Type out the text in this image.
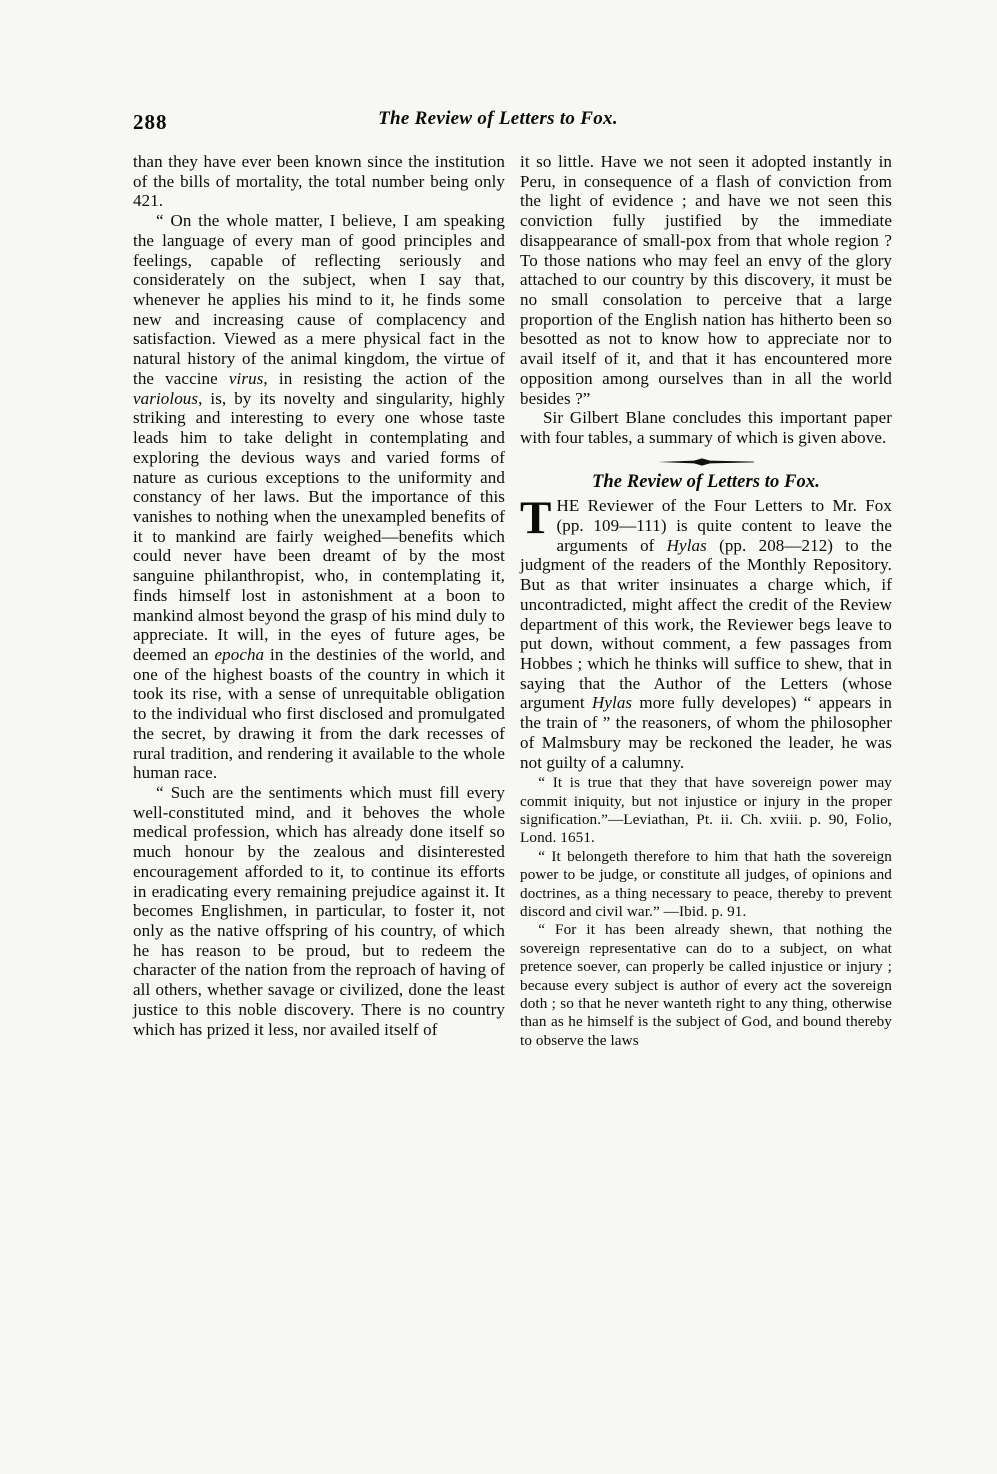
288	The Review of Letters to Fox.

than they have ever been known since the institution of the bills of mortality, the total number being only 421.

“ On the whole matter, I believe, I am speaking the language of every man of good principles and feelings, capable of reflecting seriously and considerately on the subject, when I say that, whenever he applies his mind to it, he finds some new and increasing cause of complacency and satisfaction. Viewed as a mere physical fact in the natural history of the animal kingdom, the virtue of the vaccine virus, in resisting the action of the variolous, is, by its novelty and singularity, highly striking and interesting to every one whose taste leads him to take delight in contemplating and exploring the devious ways and varied forms of nature as curious exceptions to the uniformity and constancy of her laws. But the importance of this vanishes to nothing when the unexampled benefits of it to mankind are fairly weighed—benefits which could never have been dreamt of by the most sanguine philanthropist, who, in contemplating it, finds himself lost in astonishment at a boon to mankind almost beyond the grasp of his mind duly to appreciate. It will, in the eyes of future ages, be deemed an epocha in the destinies of the world, and one of the highest boasts of the country in which it took its rise, with a sense of unrequitable obligation to the individual who first disclosed and promulgated the secret, by drawing it from the dark recesses of rural tradition, and rendering it available to the whole human race.

“ Such are the sentiments which must fill every well-constituted mind, and it behoves the whole medical profession, which has already done itself so much honour by the zealous and disinterested encouragement afforded to it, to continue its efforts in eradicating every remaining prejudice against it. It becomes Englishmen, in particular, to foster it, not only as the native offspring of his country, of which he has reason to be proud, but to redeem the character of the nation from the reproach of having of all others, whether savage or civilized, done the least justice to this noble discovery. There is no country which has prized it less, nor availed itself of

it so little. Have we not seen it adopted instantly in Peru, in consequence of a flash of conviction from the light of evidence ; and have we not seen this conviction fully justified by the immediate disappearance of small-pox from that whole region ? To those nations who may feel an envy of the glory attached to our country by this discovery, it must be no small consolation to perceive that a large proportion of the English nation has hitherto been so besotted as not to know how to appreciate nor to avail itself of it, and that it has encountered more opposition among ourselves than in all the world besides ?”

Sir Gilbert Blane concludes this important paper with four tables, a summary of which is given above.

The Review of Letters to Fox.

THE Reviewer of the Four Letters to Mr. Fox (pp. 109—111) is quite content to leave the arguments of Hylas (pp. 208—212) to the judgment of the readers of the Monthly Repository. But as that writer insinuates a charge which, if uncontradicted, might affect the credit of the Review department of this work, the Reviewer begs leave to put down, without comment, a few passages from Hobbes ; which he thinks will suffice to shew, that in saying that the Author of the Letters (whose argument Hylas more fully developes) “ appears in the train of ” the reasoners, of whom the philosopher of Malmsbury may be reckoned the leader, he was not guilty of a calumny.

“ It is true that they that have sovereign power may commit iniquity, but not injustice or injury in the proper signification.”—Leviathan, Pt. ii. Ch. xviii. p. 90, Folio, Lond. 1651.

“ It belongeth therefore to him that hath the sovereign power to be judge, or constitute all judges, of opinions and doctrines, as a thing necessary to peace, thereby to prevent discord and civil war.” —Ibid. p. 91.

“ For it has been already shewn, that nothing the sovereign representative can do to a subject, on what pretence soever, can properly be called injustice or injury ; because every subject is author of every act the sovereign doth ; so that he never wanteth right to any thing, otherwise than as he himself is the subject of God, and bound thereby to observe the laws
